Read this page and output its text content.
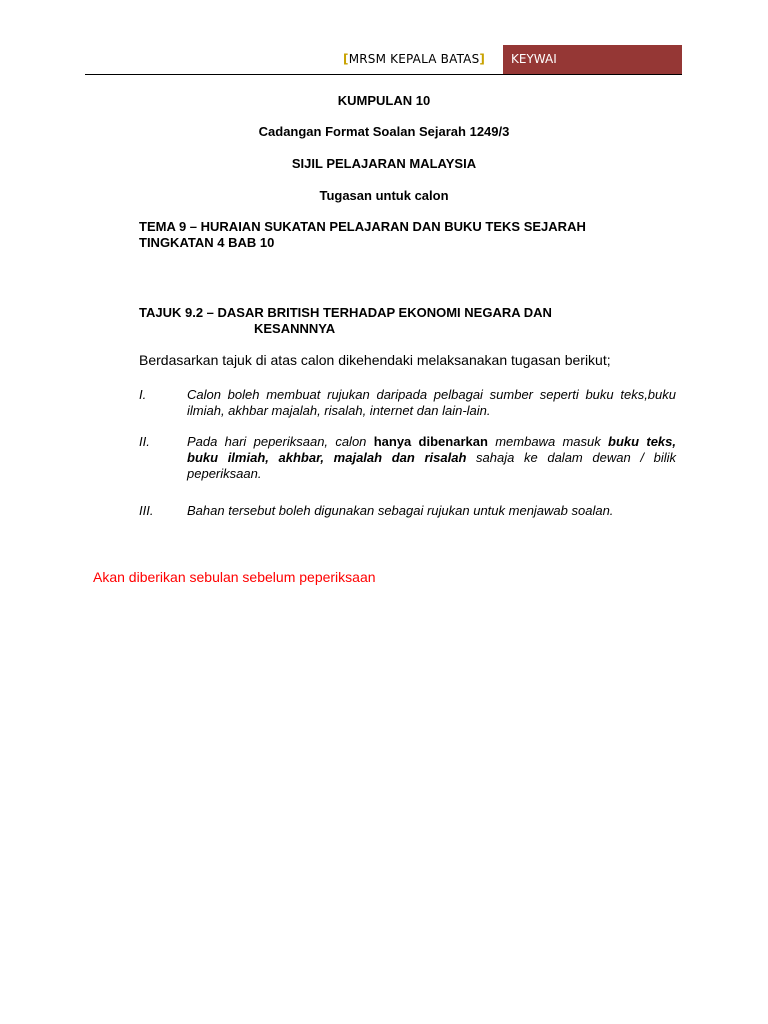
[MRSM KEPALA BATAS]	KEYWAI
KUMPULAN 10
Cadangan Format Soalan Sejarah 1249/3
SIJIL PELAJARAN MALAYSIA
Tugasan untuk calon
TEMA 9 – HURAIAN SUKATAN PELAJARAN DAN BUKU TEKS SEJARAH
TINGKATAN 4 BAB 10
TAJUK 9.2 – DASAR BRITISH TERHADAP EKONOMI NEGARA DAN
KESANNNYA
Berdasarkan tajuk di atas calon dikehendaki melaksanakan tugasan berikut;
I.	Calon boleh membuat rujukan daripada pelbagai sumber seperti buku teks,buku ilmiah, akhbar majalah, risalah, internet dan lain-lain.
II.	Pada hari peperiksaan, calon hanya dibenarkan membawa masuk buku teks, buku ilmiah, akhbar, majalah dan risalah sahaja ke dalam dewan / bilik peperiksaan.
III.	Bahan tersebut boleh digunakan sebagai rujukan untuk menjawab soalan.
Akan diberikan sebulan sebelum peperiksaan
